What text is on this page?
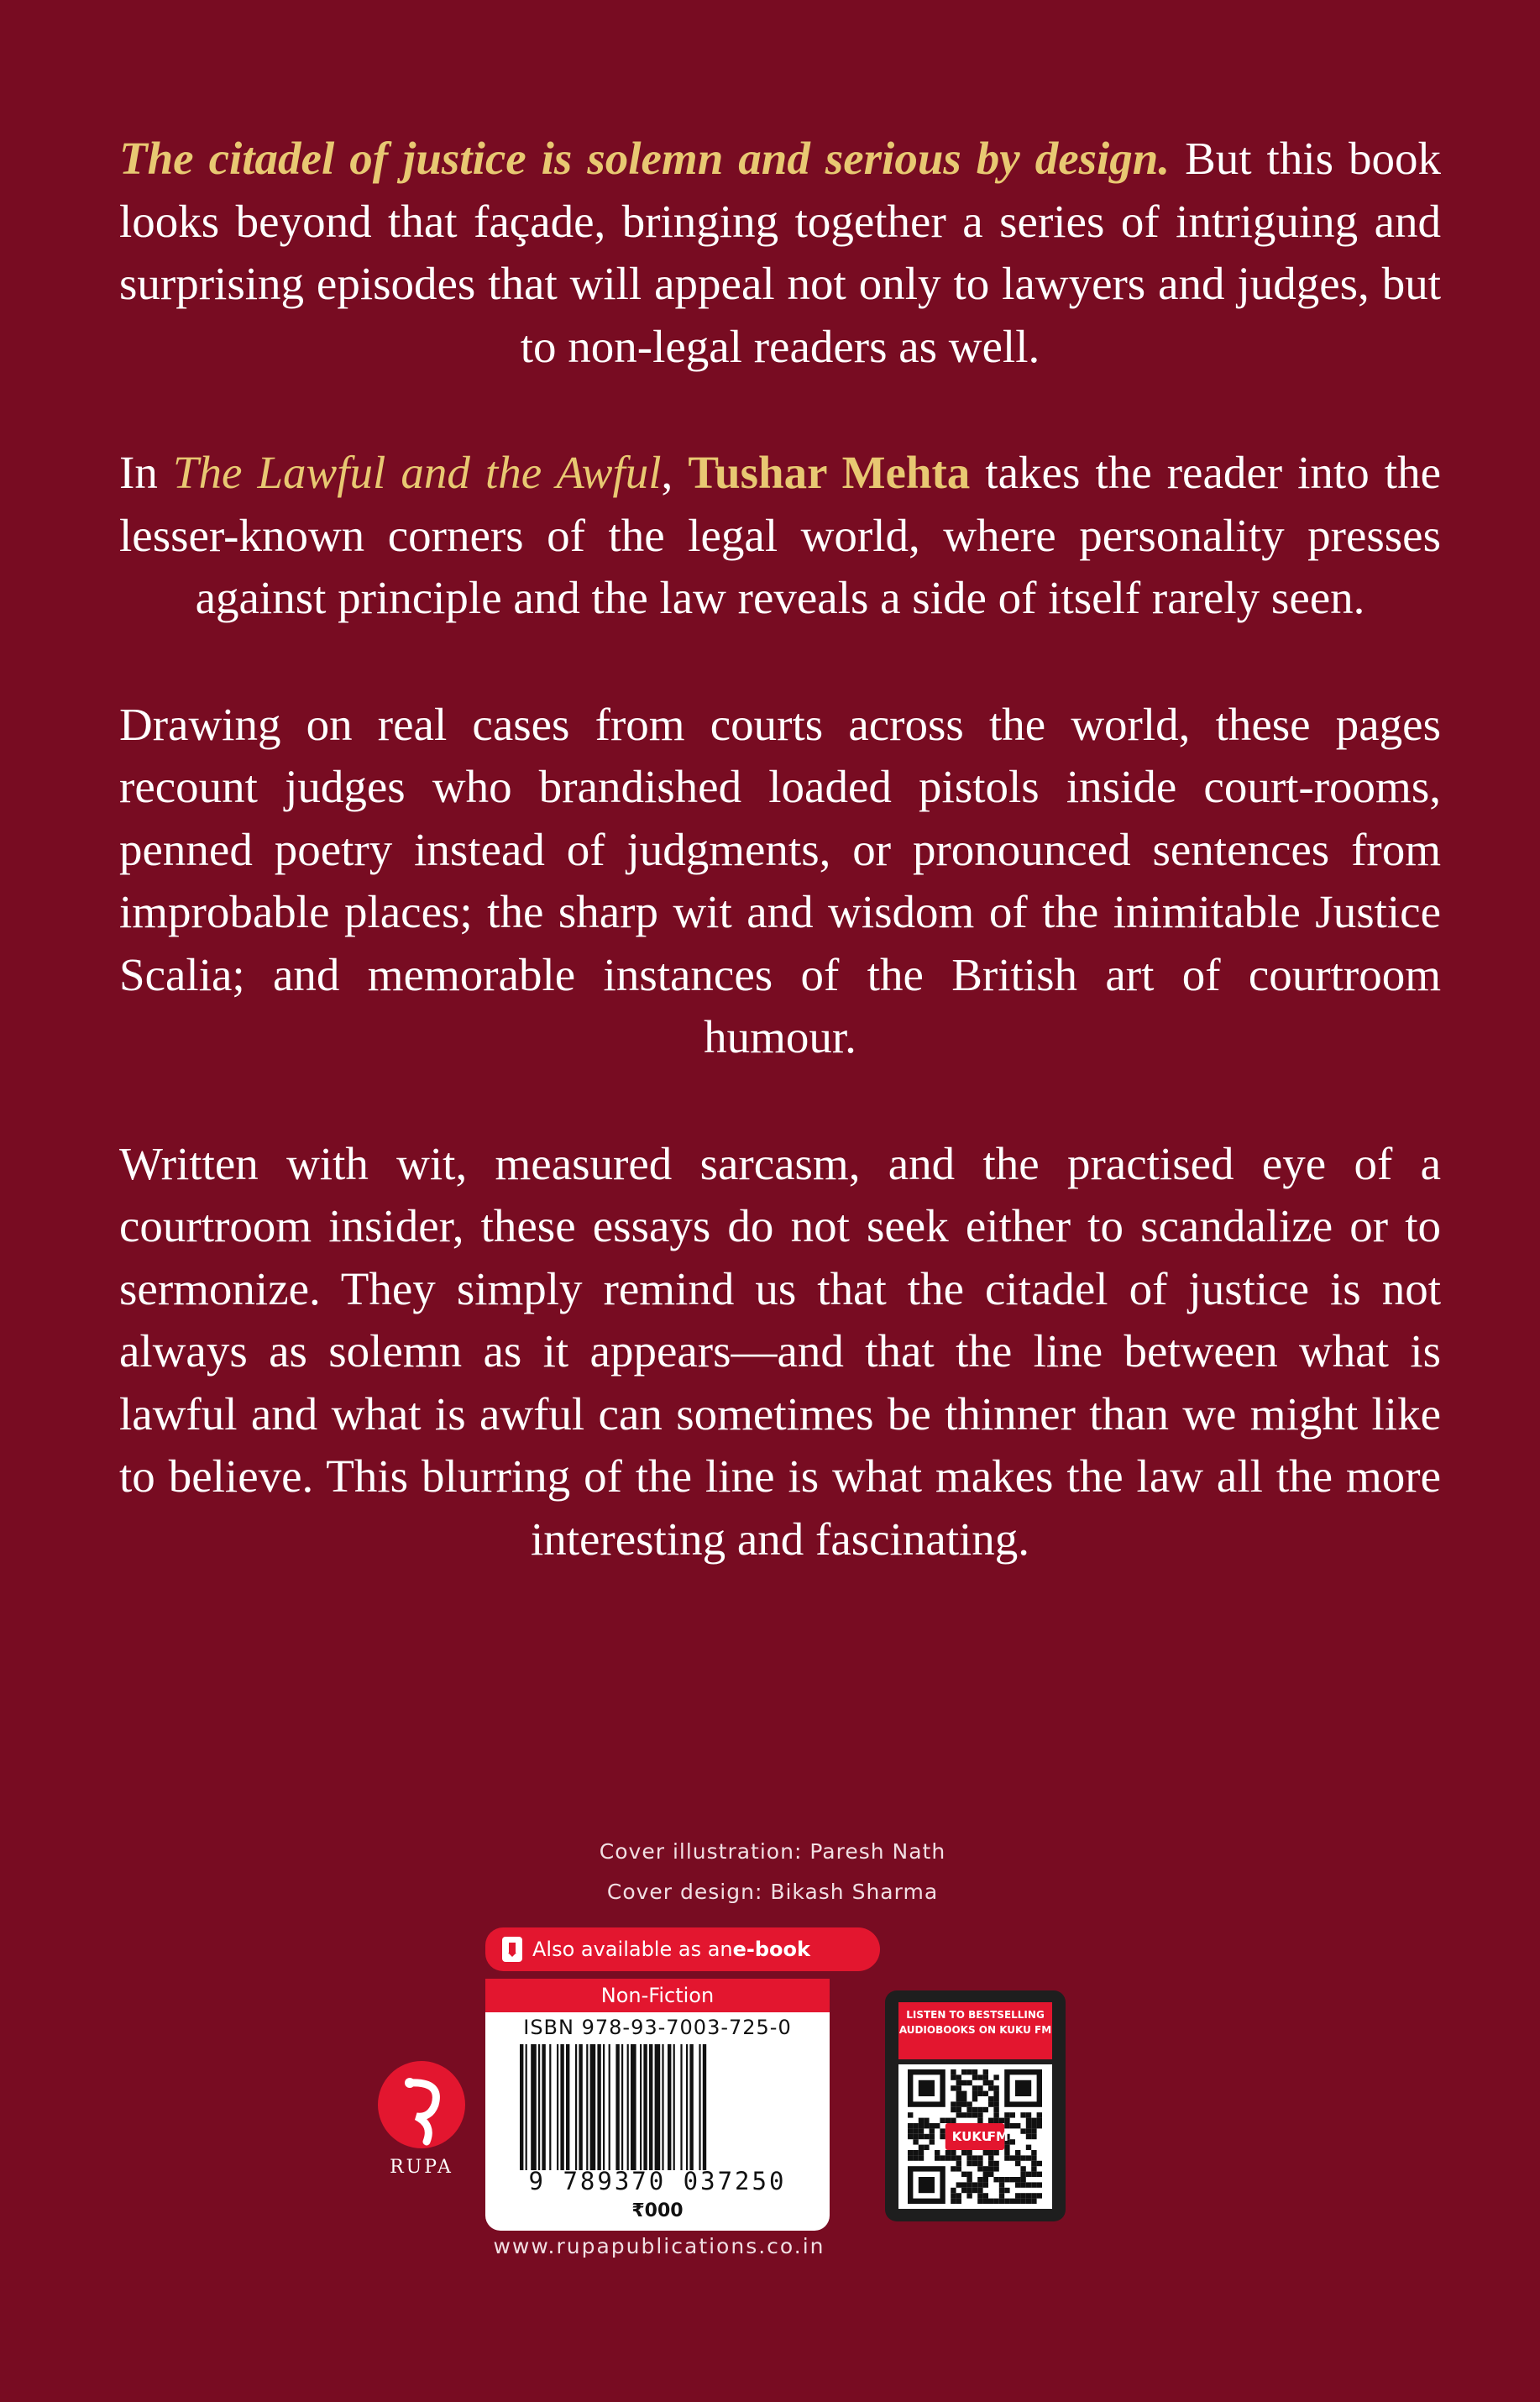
The citadel of justice is solemn and serious by design. But this book looks beyond that façade, bringing together a series of intriguing and surprising episodes that will appeal not only to lawyers and judges, but to non-legal readers as well.

In The Lawful and the Awful, Tushar Mehta takes the reader into the lesser-known corners of the legal world, where personality presses against principle and the law reveals a side of itself rarely seen.

Drawing on real cases from courts across the world, these pages recount judges who brandished loaded pistols inside court-rooms, penned poetry instead of judgments, or pronounced sentences from improbable places; the sharp wit and wisdom of the inimitable Justice Scalia; and memorable instances of the British art of courtroom humour.

Written with wit, measured sarcasm, and the practised eye of a courtroom insider, these essays do not seek either to scandalize or to sermonize. They simply remind us that the citadel of justice is not always as solemn as it appears—and that the line between what is lawful and what is awful can sometimes be thinner than we might like to believe. This blurring of the line is what makes the law all the more interesting and fascinating.

Cover illustration: Paresh Nath
Cover design: Bikash Sharma
Also available as an e-book
Non-Fiction
ISBN 978-93-7003-725-0
9 789370 037250
₹000
RUPA
LISTEN TO BESTSELLING AUDIOBOOKS ON KUKU FM
KUKU
FM
www.rupapublications.co.in
